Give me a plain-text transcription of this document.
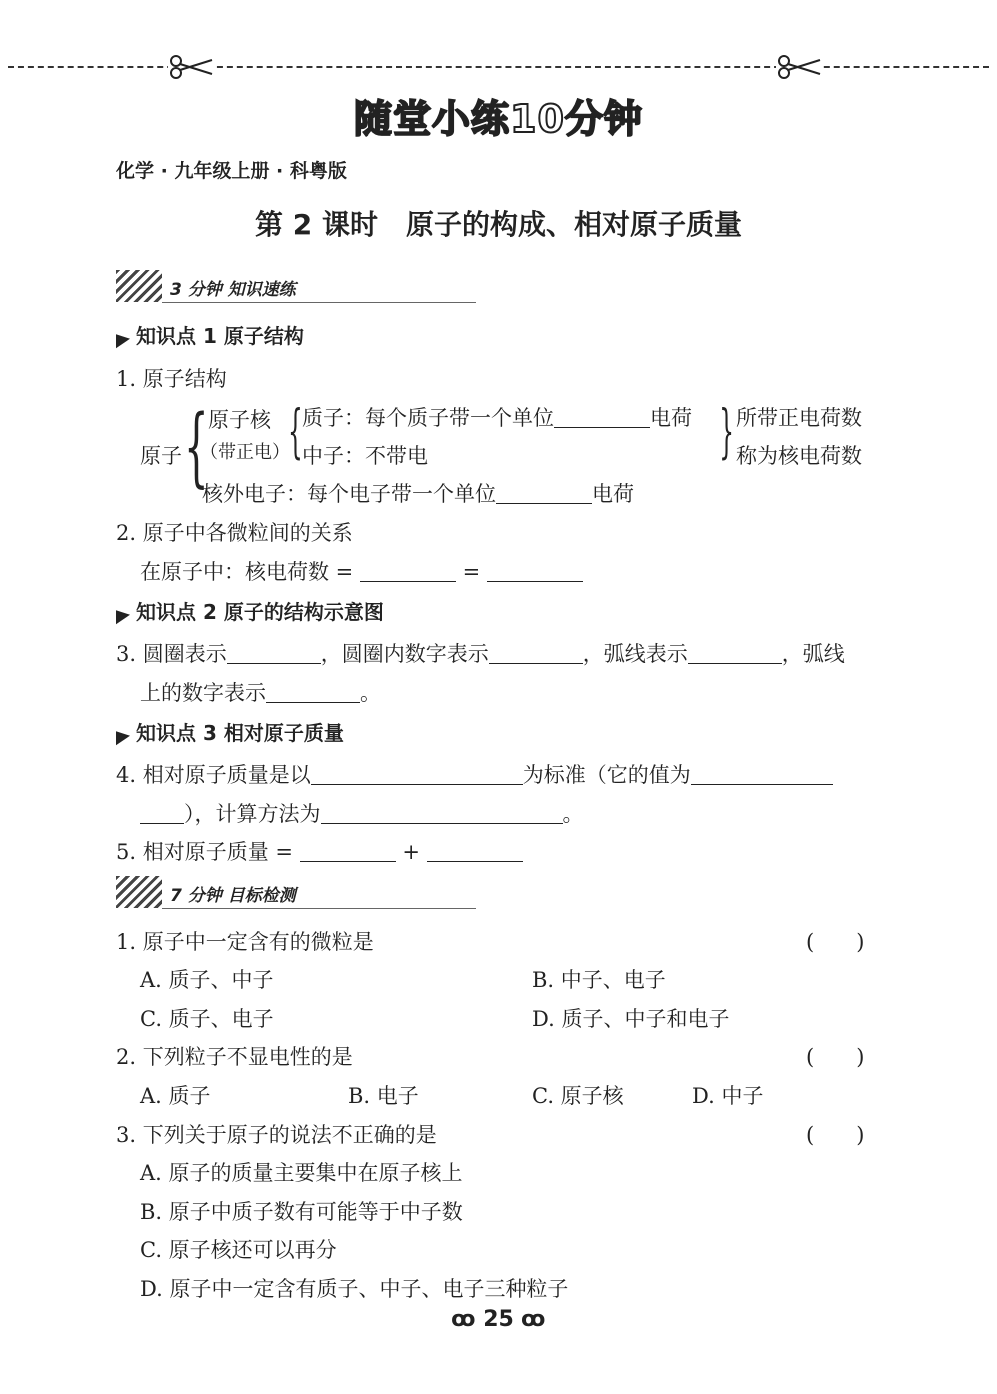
随堂小练10分钟
化学 · 九年级上册 · 科粤版
第 2 课时　原子的构成、相对原子质量
3 分钟 知识速练
知识点 1 原子结构
1. 原子结构
原子 { 原子核
（带正电）
{ 质子：每个质子带一个单位	电荷
中子：不带电	{ 所带正电荷数
称为核电荷数
核外电子：每个电子带一个单位	电荷
2. 原子中各微粒间的关系
在原子中：核电荷数 =	=
知识点 2 原子的结构示意图
3. 圆圈表示	，圆圈内数字表示	，弧线表示	，弧线
上的数字表示	。
知识点 3 相对原子质量
4. 相对原子质量是以	为标准（它的值为
），计算方法为	。
5. 相对原子质量 =	+
7 分钟 目标检测
1. 原子中一定含有的微粒是	(　　)
A. 质子、中子	B. 中子、电子
C. 质子、电子	D. 质子、中子和电子
2. 下列粒子不显电性的是	(　　)
A. 质子	B. 电子	C. 原子核	D. 中子
3. 下列关于原子的说法不正确的是	(　　)
A. 原子的质量主要集中在原子核上
B. 原子中质子数有可能等于中子数
C. 原子核还可以再分
D. 原子中一定含有质子、中子、电子三种粒子
ꝏ 25 ꝏ
